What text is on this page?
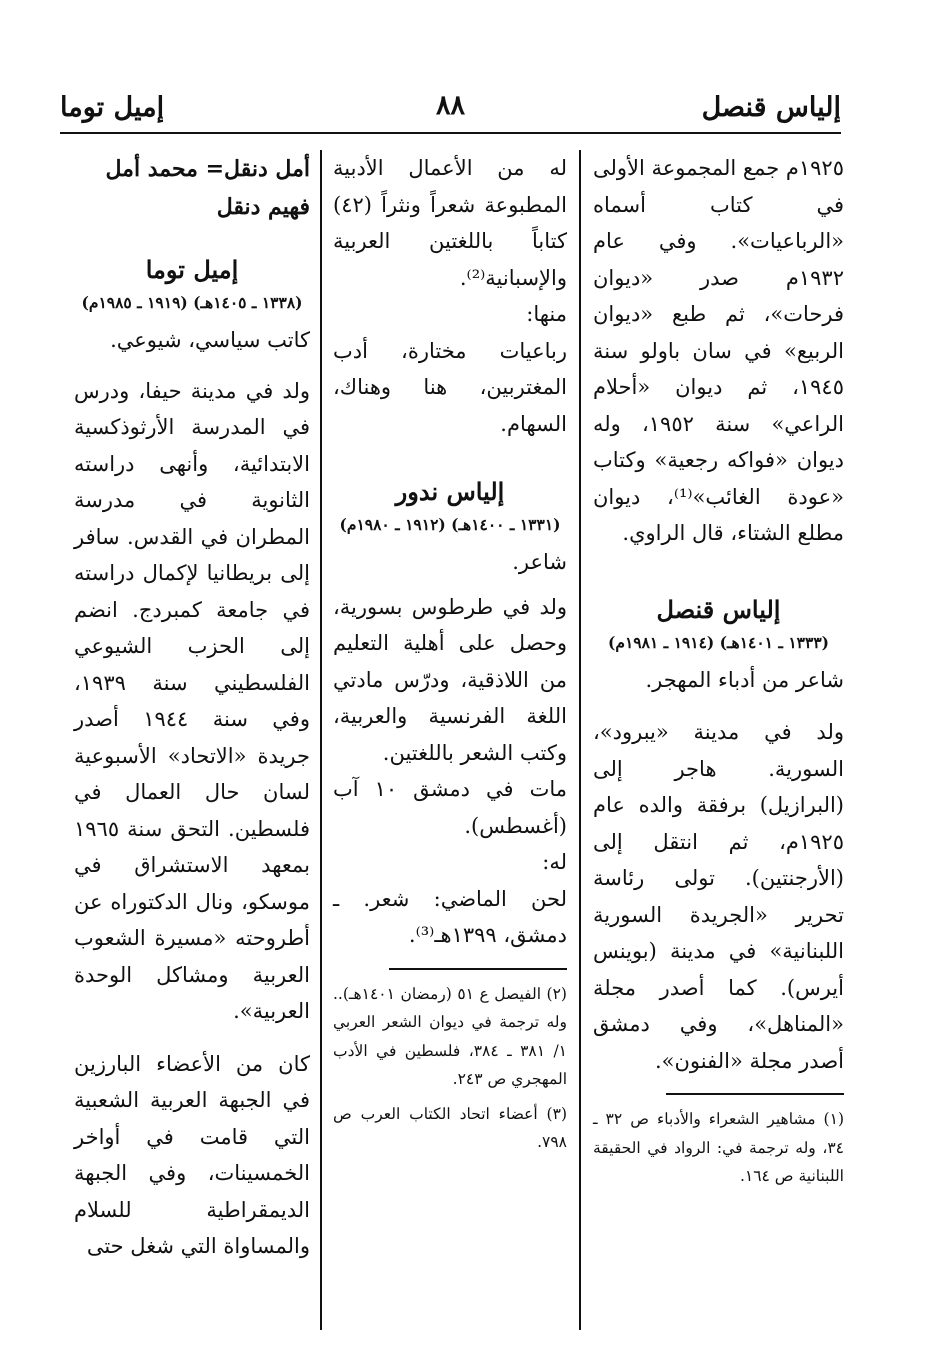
إلياس قنصل
٨٨
إميل توما

١٩٢٥م جمع المجموعة الأولى في كتاب أسماه «الرباعيات». وفي عام ١٩٣٢م صدر «ديوان فرحات»، ثم طبع «ديوان الربيع» في سان باولو سنة ١٩٤٥، ثم ديوان «أحلام الراعي» سنة ١٩٥٢، وله ديوان «فواكه رجعية» وكتاب «عودة الغائب»⁽¹⁾، ديوان مطلع الشتاء، قال الراوي.

إلياس قنصل

(١٣٣٣ ـ ١٤٠١هـ) (١٩١٤ ـ ١٩٨١م)

شاعر من أدباء المهجر.

ولد في مدينة «يبرود»، السورية. هاجر إلى (البرازيل) برفقة والده عام ١٩٢٥م، ثم انتقل إلى (الأرجنتين). تولى رئاسة تحرير «الجريدة السورية اللبنانية» في مدينة (بوينس أيرس). كما أصدر مجلة «المناهل»، وفي دمشق أصدر مجلة «الفنون».

(١) مشاهير الشعراء والأدباء ص ٣٢ ـ ٣٤، وله ترجمة في: الرواد في الحقيقة اللبنانية ص ١٦٤.

له من الأعمال الأدبية المطبوعة شعراً ونثراً (٤٢) كتاباً باللغتين العربية والإسبانية⁽²⁾.

منها:

رباعيات مختارة، أدب المغتربين، هنا وهناك، السهام.

إلياس ندور

(١٣٣١ ـ ١٤٠٠هـ) (١٩١٢ ـ ١٩٨٠م)

شاعر.

ولد في طرطوس بسورية، وحصل على أهلية التعليم من اللاذقية، ودرّس مادتي اللغة الفرنسية والعربية، وكتب الشعر باللغتين.

مات في دمشق ١٠ آب (أغسطس).

له:

لحن الماضي: شعر. ـ دمشق، ١٣٩٩هـ⁽³⁾.

(٢) الفيصل ع ٥١ (رمضان ١٤٠١هـ).. وله ترجمة في ديوان الشعر العربي ١/ ٣٨١ ـ ٣٨٤، فلسطين في الأدب المهجري ص ٢٤٣.

(٣) أعضاء اتحاد الكتاب العرب ص ٧٩٨.

أمل دنقل= محمد أمل فهيم دنقل

إميل توما

(١٣٣٨ ـ ١٤٠٥هـ) (١٩١٩ ـ ١٩٨٥م)

كاتب سياسي، شيوعي.

ولد في مدينة حيفا، ودرس في المدرسة الأرثوذكسية الابتدائية، وأنهى دراسته الثانوية في مدرسة المطران في القدس. سافر إلى بريطانيا لإكمال دراسته في جامعة كمبردج. انضم إلى الحزب الشيوعي الفلسطيني سنة ١٩٣٩، وفي سنة ١٩٤٤ أصدر جريدة «الاتحاد» الأسبوعية لسان حال العمال في فلسطين. التحق سنة ١٩٦٥ بمعهد الاستشراق في موسكو، ونال الدكتوراه عن أطروحته «مسيرة الشعوب العربية ومشاكل الوحدة العربية».

كان من الأعضاء البارزين في الجبهة العربية الشعبية التي قامت في أواخر الخمسينات، وفي الجبهة الديمقراطية للسلام والمساواة التي شغل حتى
